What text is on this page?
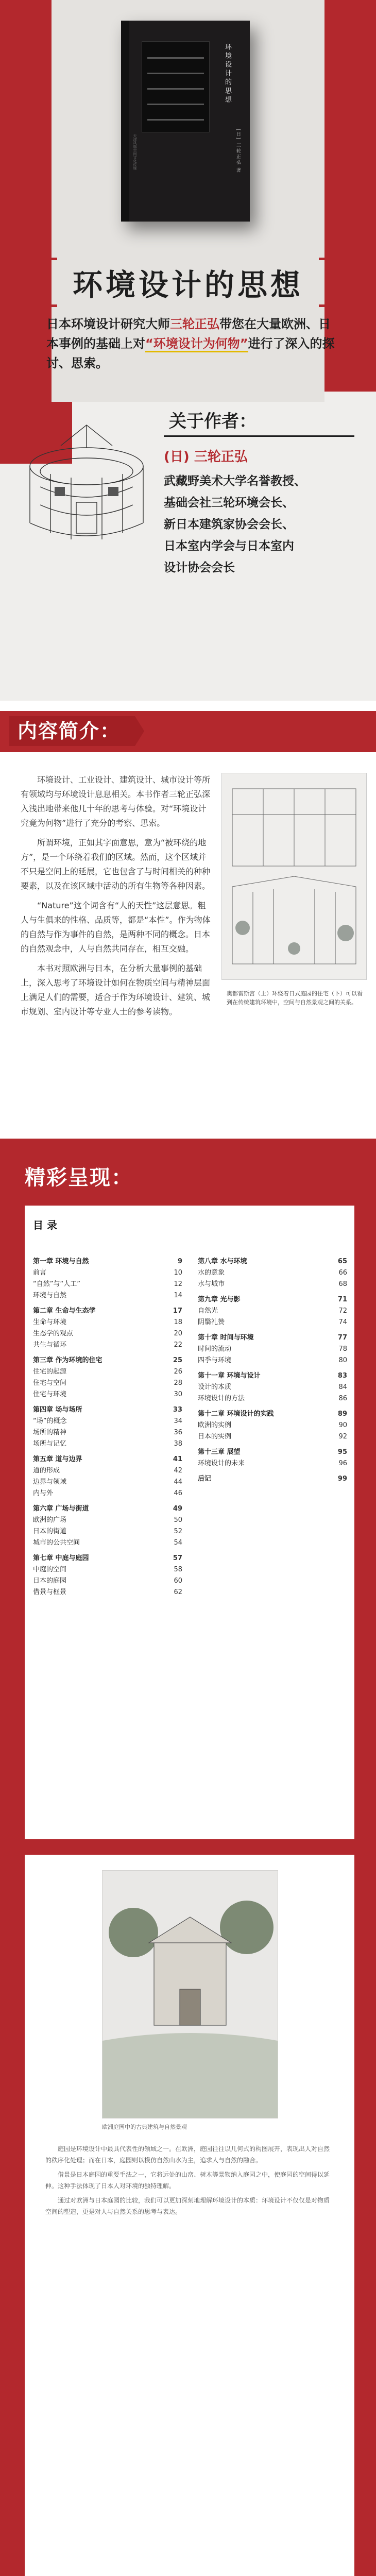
环境设计的思想
[日] 三轮正弘 著
天津凤凰空间文化传媒
环境设计的思想
日本环境设计研究大师三轮正弘带您在大量欧洲、日本事例的基础上对“环境设计为何物”进行了深入的探讨、思索。
关于作者：
(日) 三轮正弘
武藏野美术大学名誉教授、
基础会社三轮环境会长、
新日本建筑家协会会长、
日本室内学会与日本室内
设计协会会长
内容简介：

环境设计、工业设计、建筑设计、城市设计等所有领域均与环境设计息息相关。本书作者三轮正弘深入浅出地带来他几十年的思考与体验。对“环境设计究竟为何物”进行了充分的考察、思索。

所谓环境，正如其字面意思，意为“被环绕的地方”，是一个环绕着我们的区域。然而，这个区域并不只是空间上的延展，它也包含了与时间相关的种种要素，以及在该区域中活动的所有生物等各种因素。

“Nature”这个词含有“人的天性”这层意思。粗人与生俱来的性格、品质等，都是“本性”。作为物体的自然与作为事件的自然，是两种不同的概念。日本的自然观念中，人与自然共同存在，相互交融。

本书对照欧洲与日本，在分析大量事例的基础上，深入思考了环境设计如何在物质空间与精神层面上满足人们的需要，适合于作为环境设计、建筑、城市规划、室内设计等专业人士的参考读物。

奥都雷斯宫（上）环绕着日式庭园的住宅（下）可以看到在传统建筑环境中，空间与自然景观之间的关系。
精彩呈现：
目 录
第一章 环境与自然	9
前言	10
“自然”与“人工”	12
环境与自然	14
第二章 生命与生态学	17
生命与环境	18
生态学的观点	20
共生与循环	22
第三章 作为环境的住宅	25
住宅的起源	26
住宅与空间	28
住宅与环境	30
第四章 场与场所	33
“场”的概念	34
场所的精神	36
场所与记忆	38
第五章 道与边界	41
道的形成	42
边界与领域	44
内与外	46
第六章 广场与街道	49
欧洲的广场	50
日本的街道	52
城市的公共空间	54
第七章 中庭与庭园	57
中庭的空间	58
日本的庭园	60
借景与框景	62
第八章 水与环境	65
水的意象	66
水与城市	68
第九章 光与影	71
自然光	72
阴翳礼赞	74
第十章 时间与环境	77
时间的流动	78
四季与环境	80
第十一章 环境与设计	83
设计的本质	84
环境设计的方法	86
第十二章 环境设计的实践	89
欧洲的实例	90
日本的实例	92
第十三章 展望	95
环境设计的未来	96
后记	99
欧洲庭园中的古典建筑与自然景观

庭园是环境设计中最具代表性的领域之一。在欧洲，庭园往往以几何式的构图展开，表现出人对自然的秩序化处理；而在日本，庭园则以模仿自然山水为主，追求人与自然的融合。

借景是日本庭园的重要手法之一，它将远处的山峦、树木等景物纳入庭园之中，使庭园的空间得以延伸。这种手法体现了日本人对环境的独特理解。

通过对欧洲与日本庭园的比较，我们可以更加深刻地理解环境设计的本质：环境设计不仅仅是对物质空间的塑造，更是对人与自然关系的思考与表达。
